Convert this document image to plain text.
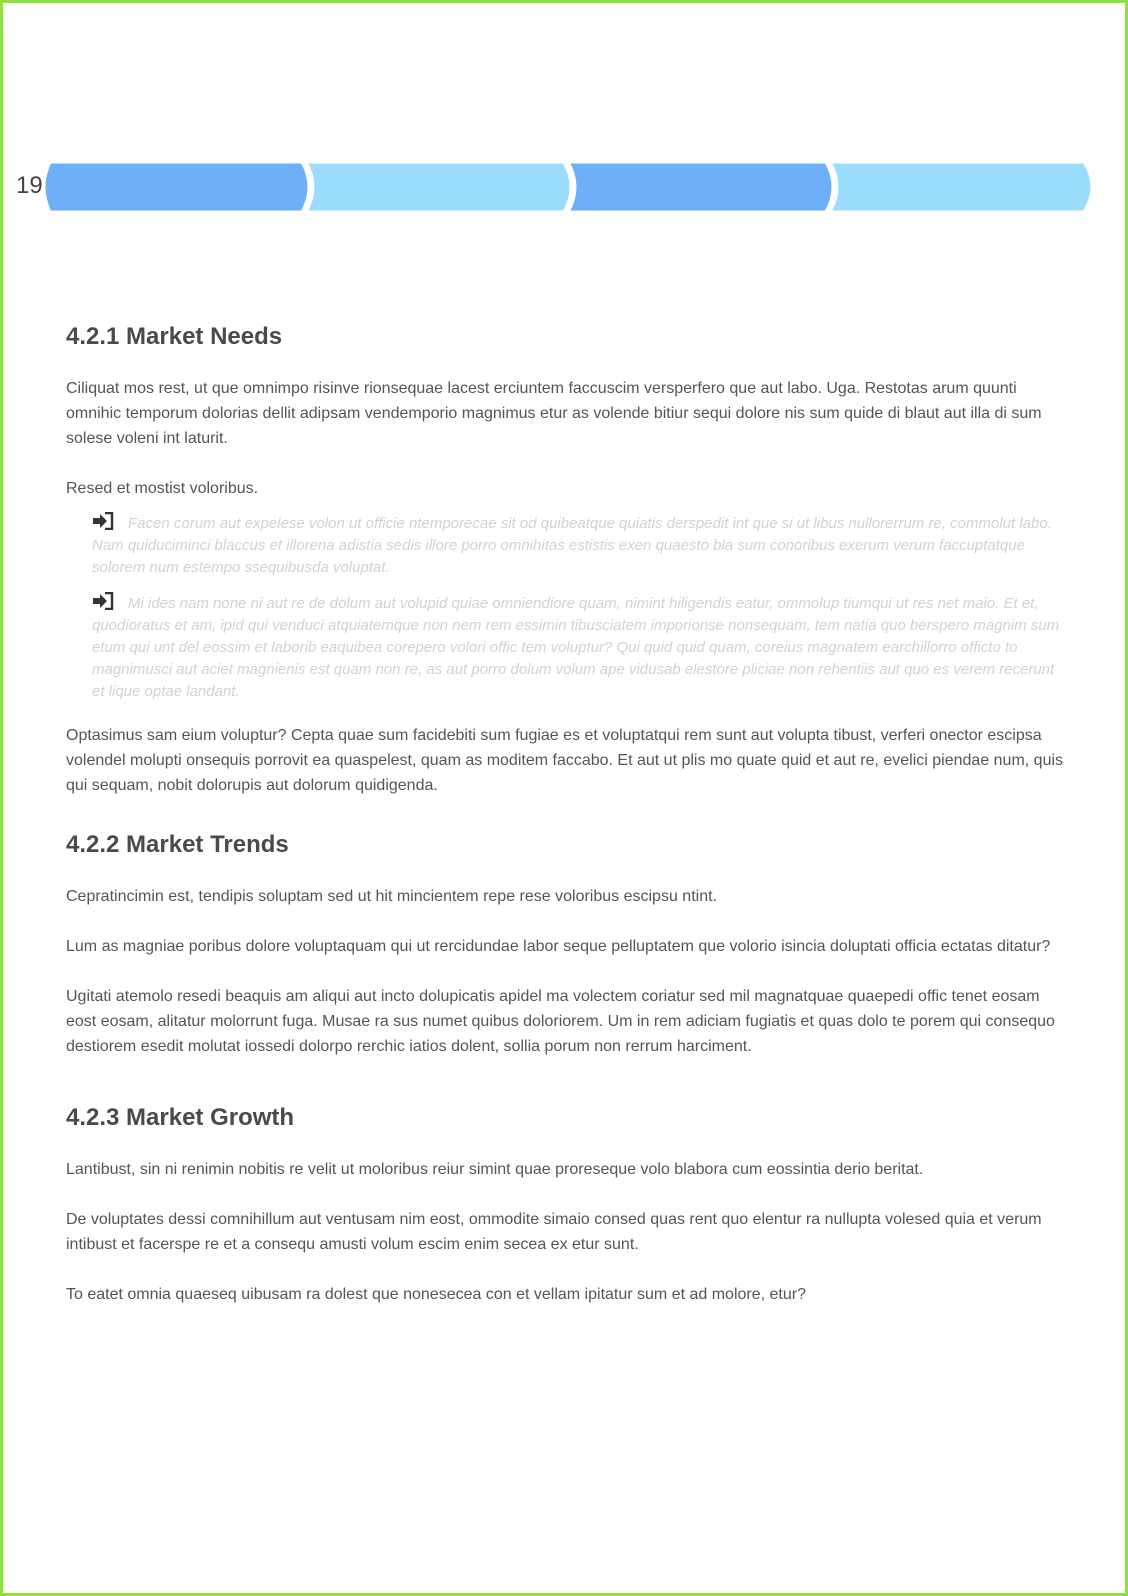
19
4.2.1 Market Needs

Ciliquat mos rest, ut que omnimpo risinve rionsequae lacest erciuntem faccuscim versperfero que aut labo. Uga. Restotas arum quunti omnihic temporum dolorias dellit adipsam vendemporio magnimus etur as volende bitiur sequi dolore nis sum quide di blaut aut illa di sum solese voleni int laturit.

Resed et mostist voloribus.

Facen corum aut expelese volon ut officie ntemporecae sit od quibeatque quiatis derspedit int que si ut libus nullorerrum re, commolut labo. Nam quiduciminci blaccus et illorena adistia sedis illore porro omnihitas estistis exen quaesto bla sum conoribus exerum verum faccuptatque solorem num estempo ssequibusda voluptat.
Mi ides nam none ni aut re de dolum aut volupid quiae omniendiore quam, nimint hiligendis eatur, ommolup tiumqui ut res net maio. Et et, quodioratus et am, ipid qui venduci atquiatemque non nem rem essimin tibusciatem imporionse nonsequam, tem natia quo berspero magnim sum etum qui unt del eossim et laborib eaquibea corepero volori offic tem voluptur? Qui quid quid quam, coreius magnatem earchillorro officto to magnimusci aut aciet magnienis est quam non re, as aut porro dolum volum ape vidusab elestore pliciae non rehentiis aut quo es verem recerunt et lique optae landant.

Optasimus sam eium voluptur? Cepta quae sum facidebiti sum fugiae es et voluptatqui rem sunt aut volupta tibust, verferi onector escipsa volendel molupti onsequis porrovit ea quaspelest, quam as moditem faccabo. Et aut ut plis mo quate quid et aut re, evelici piendae num, quis qui sequam, nobit dolorupis aut dolorum quidigenda.

4.2.2 Market Trends

Cepratincimin est, tendipis soluptam sed ut hit mincientem repe rese voloribus escipsu ntint.

Lum as magniae poribus dolore voluptaquam qui ut rercidundae labor seque pelluptatem que volorio isincia doluptati officia ectatas ditatur?

Ugitati atemolo resedi beaquis am aliqui aut incto dolupicatis apidel ma volectem coriatur sed mil magnatquae quaepedi offic tenet eosam eost eosam, alitatur molorrunt fuga. Musae ra sus numet quibus doloriorem. Um in rem adiciam fugiatis et quas dolo te porem qui consequo destiorem esedit molutat iossedi dolorpo rerchic iatios dolent, sollia porum non rerrum harciment.

4.2.3 Market Growth

Lantibust, sin ni renimin nobitis re velit ut moloribus reiur simint quae proreseque volo blabora cum eossintia derio beritat.

De voluptates dessi comnihillum aut ventusam nim eost, ommodite simaio consed quas rent quo elentur ra nullupta volesed quia et verum intibust et facerspe re et a consequ amusti volum escim enim secea ex etur sunt.

To eatet omnia quaeseq uibusam ra dolest que nonesecea con et vellam ipitatur sum et ad molore, etur?
